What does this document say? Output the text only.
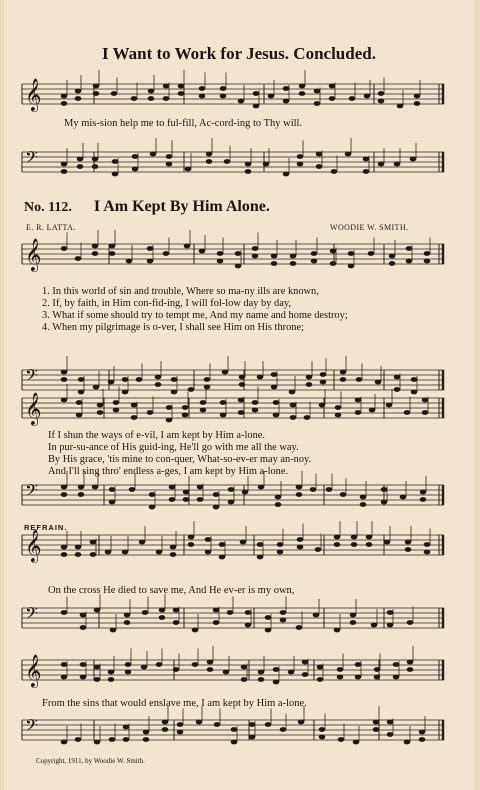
I Want to Work for Jesus. Concluded.
𝄞
𝄢
𝄞
𝄢
𝄞
𝄢
𝄞
𝄢
𝄞
𝄢
My mis-sion help me to ful-fill, Ac-cord-ing to Thy will.
No. 112. I Am Kept By Him Alone.
E. R. LATTA.	WOODIE W. SMITH.
1. In this world of sin and trouble, Where so ma-ny ills are known,
2. If, by faith, in Him con-fid-ing, I will fol-low day by day,
3. What if some should try to tempt me, And my name and home destroy;
4. When my pilgrimage is o-ver, I shall see Him on His throne;
If I shun the ways of e-vil, I am kept by Him a-lone.
In pur-su-ance of His guid-ing, He'll go with me all the way.
By His grace, 'tis mine to con-quer, What-so-ev-er may an-noy.
And I'll sing thro' endless a-ges, I am kept by Him a-lone.
REFRAIN.
On the cross He died to save me, And He ev-er is my own,
From the sins that would enslave me, I am kept by Him a-lone.
Copyright, 1911, by Woodie W. Smith.
